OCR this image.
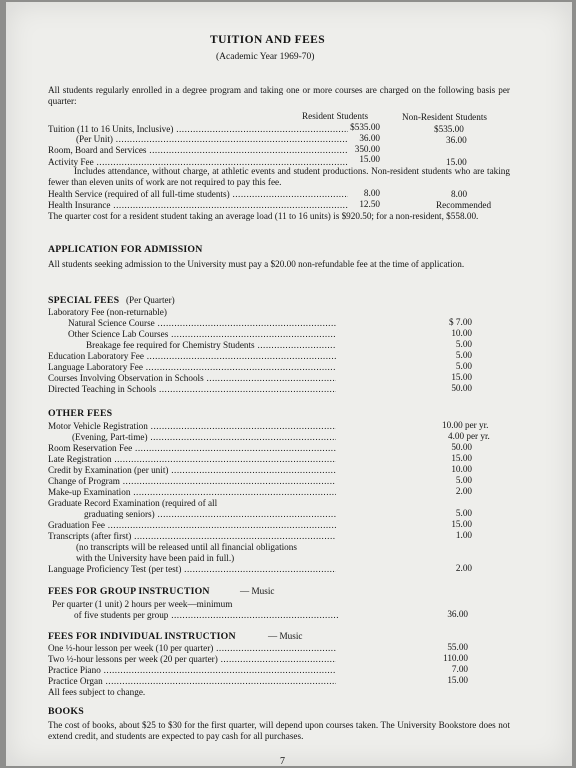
TUITION AND FEES
(Academic Year 1969-70)
All students regularly enrolled in a degree program and taking one or more courses are charged on the following basis per quarter:
Resident Students	Non-Resident Students
Tuition (11 to 16 Units, Inclusive) .....	$535.00	$535.00
(Per Unit) .....	36.00	36.00
Room, Board and Services .....	350.00
Activity Fee .....	15.00	15.00
Includes attendance, without charge, at athletic events and student productions. Non-resident students who are taking fewer than eleven units of work are not required to pay this fee.
Health Service (required of all full-time students) .....	8.00	8.00
Health Insurance .....	12.50	Recommended
The quarter cost for a resident student taking an average load (11 to 16 units) is $920.50; for a non-resident, $558.00.
APPLICATION FOR ADMISSION
All students seeking admission to the University must pay a $20.00 non-refundable fee at the time of application.
SPECIAL FEES (Per Quarter)
Laboratory Fee (non-returnable)
Natural Science Course .....	$ 7.00
Other Science Lab Courses .....	10.00
Breakage fee required for Chemistry Students .....	5.00
Education Laboratory Fee .....	5.00
Language Laboratory Fee .....	5.00
Courses Involving Observation in Schools .....	15.00
Directed Teaching in Schools .....	50.00
OTHER FEES
Motor Vehicle Registration .....	10.00 per yr.
(Evening, Part-time) .....	4.00 per yr.
Room Reservation Fee .....	50.00
Late Registration .....	15.00
Credit by Examination (per unit) .....	10.00
Change of Program .....	5.00
Make-up Examination .....	2.00
Graduate Record Examination (required of all
graduating seniors) .....	5.00
Graduation Fee .....	15.00
Transcripts (after first) .....	1.00
(no transcripts will be released until all financial obligations
with the University have been paid in full.)
Language Proficiency Test (per test) .....	2.00
FEES FOR GROUP INSTRUCTION	— Music
Per quarter (1 unit) 2 hours per week—minimum
of five students per group .....	36.00
FEES FOR INDIVIDUAL INSTRUCTION	— Music
One ½-hour lesson per week (10 per quarter) .....	55.00
Two ½-hour lessons per week (20 per quarter) .....	110.00
Practice Piano .....	7.00
Practice Organ .....	15.00
All fees subject to change.
BOOKS
The cost of books, about $25 to $30 for the first quarter, will depend upon courses taken. The University Bookstore does not extend credit, and students are expected to pay cash for all purchases.
7
